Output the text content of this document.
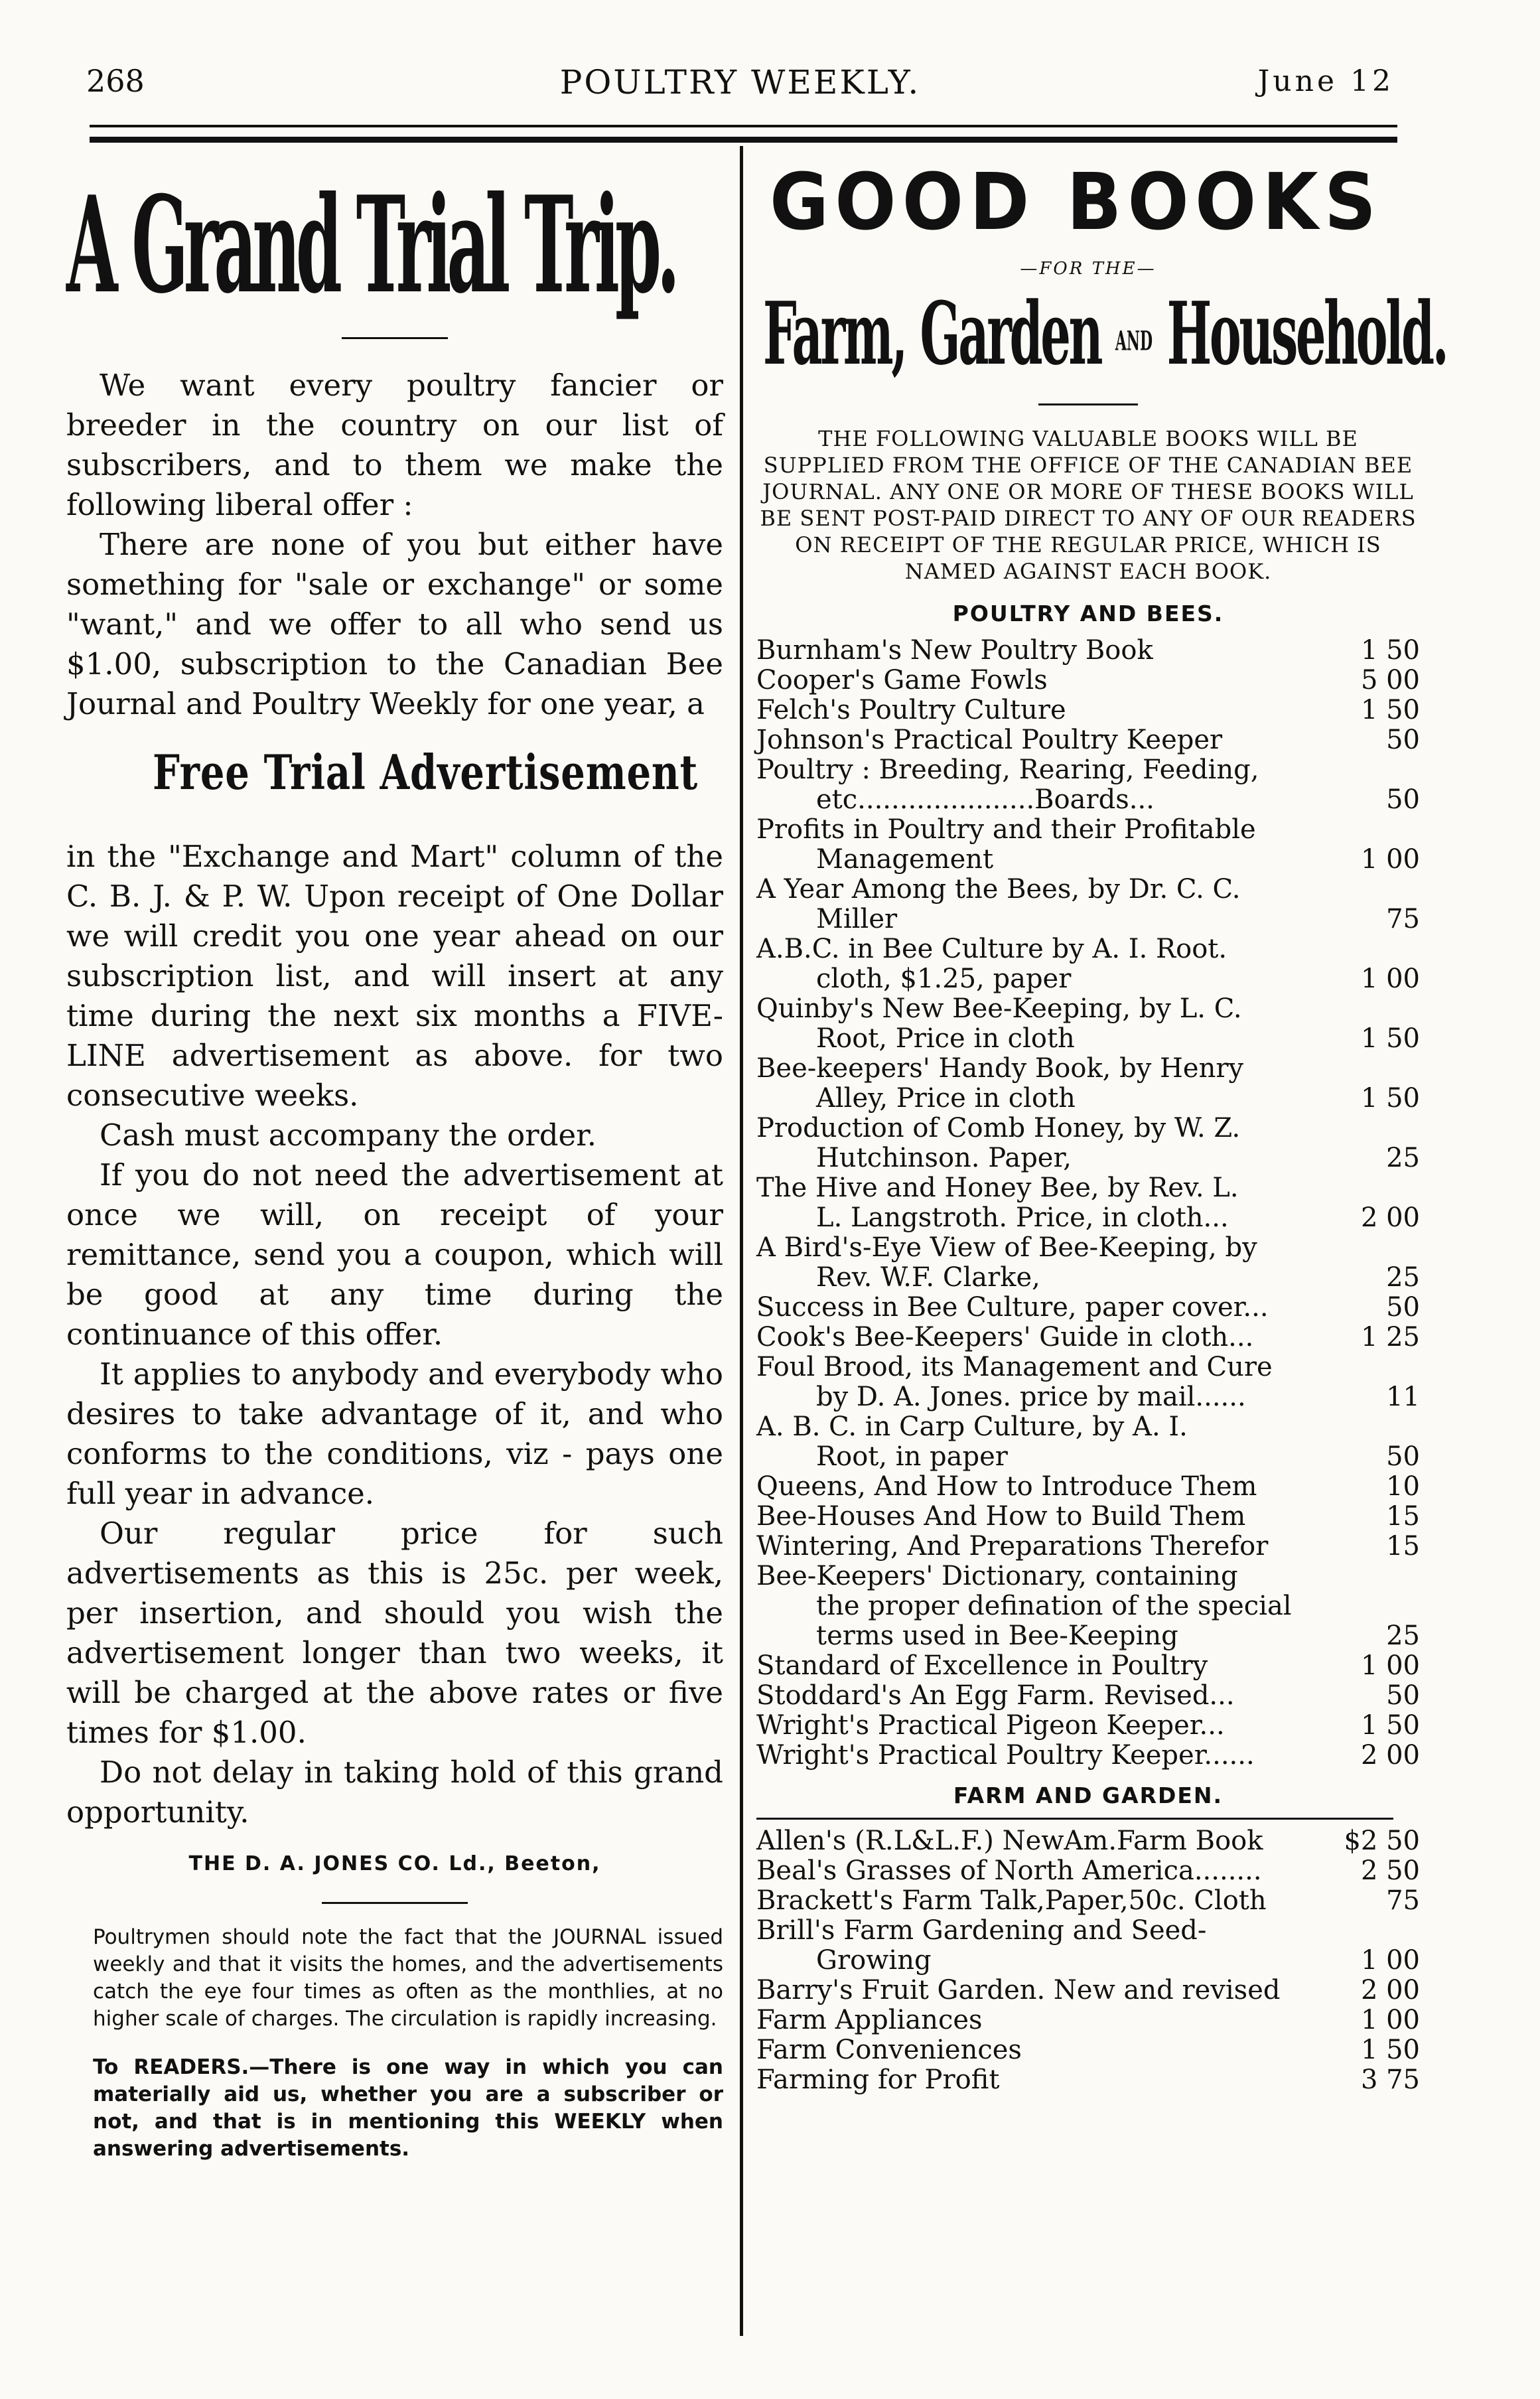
268	POULTRY WEEKLY.	June 12
A Grand Trial Trip.

We want every poultry fancier or breeder in the country on our list of subscribers, and to them we make the following liberal offer :

There are none of you but either have something for "sale or exchange" or some "want," and we offer to all who send us $1.00, subscription to the Canadian Bee Journal and Poultry Weekly for one year, a

Free Trial Advertisement

in the "Exchange and Mart" column of the C. B. J. & P. W. Upon receipt of One Dollar we will credit you one year ahead on our subscription list, and will insert at any time during the next six months a FIVE-LINE advertisement as above. for two consecutive weeks.

Cash must accompany the order.

If you do not need the advertisement at once we will, on receipt of your remittance, send you a coupon, which will be good at any time during the continuance of this offer.

It applies to anybody and everybody who desires to take advantage of it, and who conforms to the conditions, viz - pays one full year in advance.

Our regular price for such advertisements as this is 25c. per week, per insertion, and should you wish the advertisement longer than two weeks, it will be charged at the above rates or five times for $1.00.

Do not delay in taking hold of this grand opportunity.

THE D. A. JONES CO. Ld., Beeton,
Poultrymen should note the fact that the JOURNAL issued weekly and that it visits the homes, and the advertisements catch the eye four times as often as the monthlies, at no higher scale of charges. The circulation is rapidly increasing.
To READERS.—There is one way in which you can materially aid us, whether you are a subscriber or not, and that is in mentioning this WEEKLY when answering advertisements.
GOOD BOOKS
—FOR THE—
Farm, Garden AND Household.
THE FOLLOWING VALUABLE BOOKS WILL BE SUPPLIED FROM THE OFFICE OF THE CANADIAN BEE JOURNAL. ANY ONE OR MORE OF THESE BOOKS WILL BE SENT POST-PAID DIRECT TO ANY OF OUR READERS ON RECEIPT OF THE REGULAR PRICE, WHICH IS NAMED AGAINST EACH BOOK.
POULTRY AND BEES.
Burnham's New Poultry Book	1 50
Cooper's Game Fowls	5 00
Felch's Poultry Culture	1 50
Johnson's Practical Poultry Keeper	50
Poultry : Breeding, Rearing, Feeding,
etc.....................Boards...	50
Profits in Poultry and their Profitable
Management	1 00
A Year Among the Bees, by Dr. C. C.
Miller	75
A.B.C. in Bee Culture by A. I. Root.
cloth, $1.25, paper	1 00
Quinby's New Bee-Keeping, by L. C.
Root, Price in cloth	1 50
Bee-keepers' Handy Book, by Henry
Alley, Price in cloth	1 50
Production of Comb Honey, by W. Z.
Hutchinson. Paper,	25
The Hive and Honey Bee, by Rev. L.
L. Langstroth. Price, in cloth...	2 00
A Bird's-Eye View of Bee-Keeping, by
Rev. W.F. Clarke,	25
Success in Bee Culture, paper cover...	50
Cook's Bee-Keepers' Guide in cloth...	1 25
Foul Brood, its Management and Cure
by D. A. Jones. price by mail......	11
A. B. C. in Carp Culture, by A. I.
Root, in paper	50
Queens, And How to Introduce Them	10
Bee-Houses And How to Build Them	15
Wintering, And Preparations Therefor	15
Bee-Keepers' Dictionary, containing
the proper defination of the special terms used in Bee-Keeping	25
Standard of Excellence in Poultry	1 00
Stoddard's An Egg Farm. Revised...	50
Wright's Practical Pigeon Keeper...	1 50
Wright's Practical Poultry Keeper......	2 00
FARM AND GARDEN.
Allen's (R.L&L.F.) NewAm.Farm Book	$2 50
Beal's Grasses of North America........	2 50
Brackett's Farm Talk,Paper,50c. Cloth	75
Brill's Farm Gardening and Seed-
Growing	1 00
Barry's Fruit Garden. New and revised	2 00
Farm Appliances	1 00
Farm Conveniences	1 50
Farming for Profit	3 75
